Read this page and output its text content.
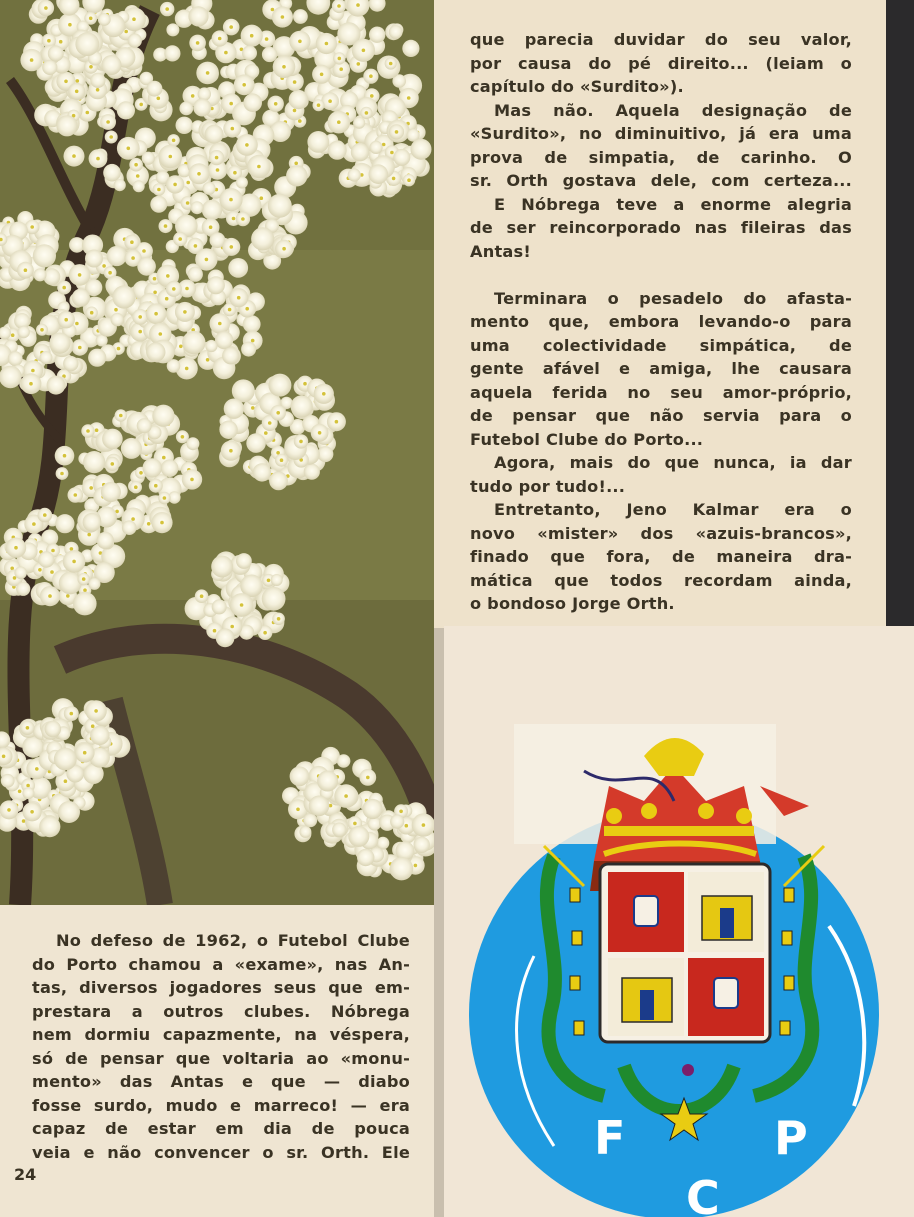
que parecia duvidar do seu valor,
por causa do pé direito... (leiam o
capítulo do «Surdito»).
Mas não. Aquela designação de
«Surdito», no diminuitivo, já era uma
prova de simpatia, de carinho. O
sr. Orth gostava dele, com certeza...
E Nóbrega teve a enorme alegria
de ser reincorporado nas fileiras das
Antas!
Terminara o pesadelo do afasta-
mento que, embora levando-o para
uma colectividade simpática, de
gente afável e amiga, lhe causara
aquela ferida no seu amor-próprio,
de pensar que não servia para o
Futebol Clube do Porto...
Agora, mais do que nunca, ia dar
tudo por tudo!...
Entretanto, Jeno Kalmar era o
novo «mister» dos «azuis-brancos»,
finado que fora, de maneira dra-
mática que todos recordam ainda,
o bondoso Jorge Orth.
No defeso de 1962, o Futebol Clube
do Porto chamou a «exame», nas An-
tas, diversos jogadores seus que em-
prestara a outros clubes. Nóbrega
nem dormiu capazmente, na véspera,
só de pensar que voltaria ao «monu-
mento» das Antas e que — diabo
fosse surdo, mudo e marreco! — era
capaz de estar em dia de pouca
veia e não convencer o sr. Orth. Ele
24
F	P
C
